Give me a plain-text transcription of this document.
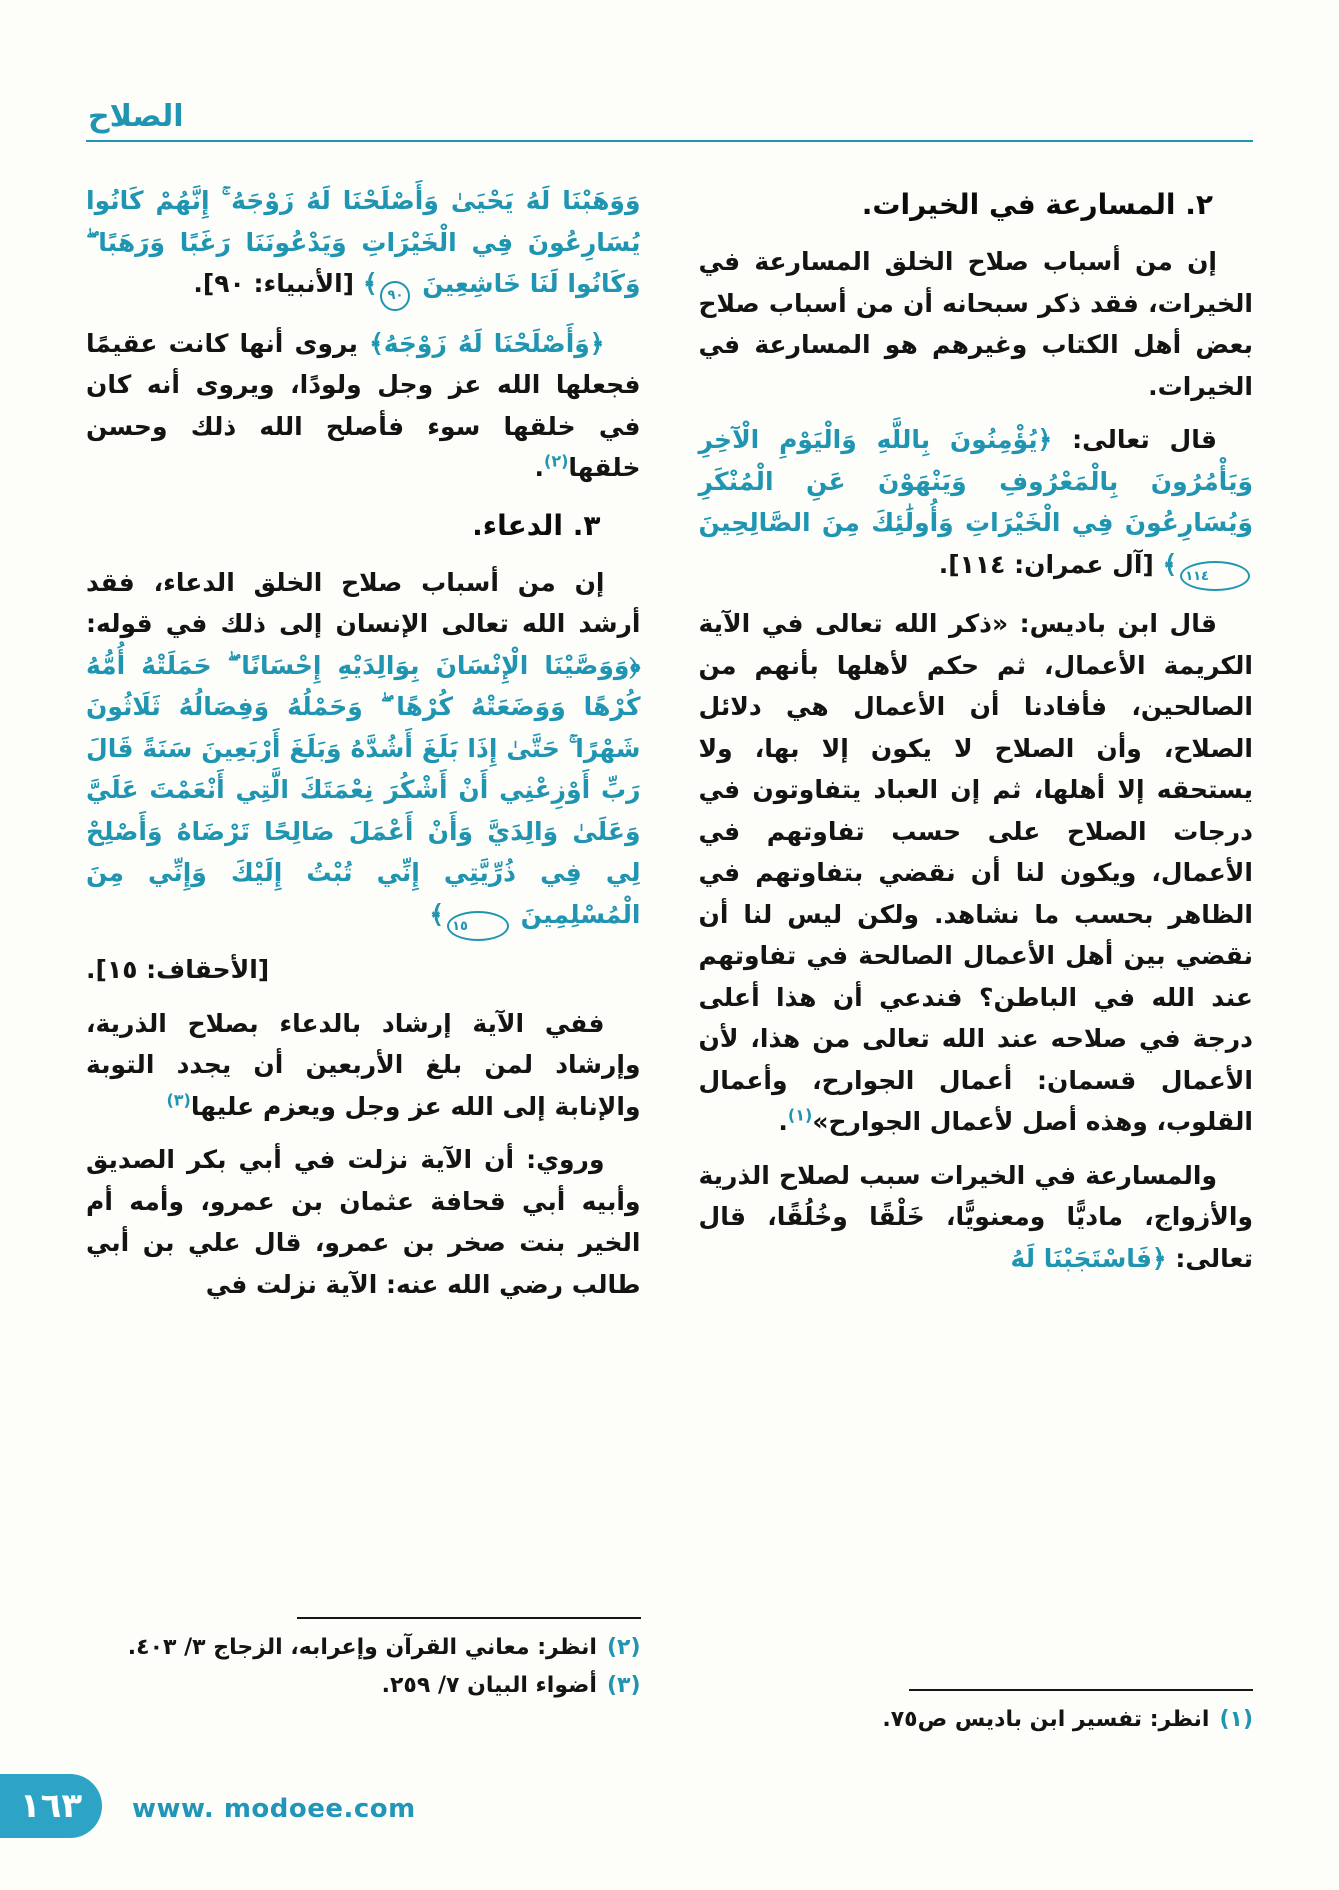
الصلاح
٢. المسارعة في الخيرات.

إن من أسباب صلاح الخلق المسارعة في الخيرات، فقد ذكر سبحانه أن من أسباب صلاح بعض أهل الكتاب وغيرهم هو المسارعة في الخيرات.

قال تعالى: ﴿يُؤْمِنُونَ بِاللَّهِ وَالْيَوْمِ الْآخِرِ وَيَأْمُرُونَ بِالْمَعْرُوفِ وَيَنْهَوْنَ عَنِ الْمُنْكَرِ وَيُسَارِعُونَ فِي الْخَيْرَاتِ وَأُولَٰئِكَ مِنَ الصَّالِحِينَ ١١٤﴾ [آل عمران: ١١٤].

قال ابن باديس: «ذكر الله تعالى في الآية الكريمة الأعمال، ثم حكم لأهلها بأنهم من الصالحين، فأفادنا أن الأعمال هي دلائل الصلاح، وأن الصلاح لا يكون إلا بها، ولا يستحقه إلا أهلها، ثم إن العباد يتفاوتون في درجات الصلاح على حسب تفاوتهم في الأعمال، ويكون لنا أن نقضي بتفاوتهم في الظاهر بحسب ما نشاهد. ولكن ليس لنا أن نقضي بين أهل الأعمال الصالحة في تفاوتهم عند الله في الباطن؟ فندعي أن هذا أعلى درجة في صلاحه عند الله تعالى من هذا، لأن الأعمال قسمان: أعمال الجوارح، وأعمال القلوب، وهذه أصل لأعمال الجوارح»$^{(١)}$.

والمسارعة في الخيرات سبب لصلاح الذرية والأزواج، ماديًّا ومعنويًّا، خَلْقًا وخُلُقًا، قال تعالى: ﴿فَاسْتَجَبْنَا لَهُ

(١)
انظر: تفسير ابن باديس ص٧٥.

وَوَهَبْنَا لَهُ يَحْيَىٰ وَأَصْلَحْنَا لَهُ زَوْجَهُ ۚ إِنَّهُمْ كَانُوا يُسَارِعُونَ فِي الْخَيْرَاتِ وَيَدْعُونَنَا رَغَبًا وَرَهَبًا ۖ وَكَانُوا لَنَا خَاشِعِينَ ٩٠﴾ [الأنبياء: ٩٠].

﴿وَأَصْلَحْنَا لَهُ زَوْجَهُ﴾ يروى أنها كانت عقيمًا فجعلها الله عز وجل ولودًا، ويروى أنه كان في خلقها سوء فأصلح الله ذلك وحسن خلقها$^{(٢)}$.

٣. الدعاء.

إن من أسباب صلاح الخلق الدعاء، فقد أرشد الله تعالى الإنسان إلى ذلك في قوله: ﴿وَوَصَّيْنَا الْإِنْسَانَ بِوَالِدَيْهِ إِحْسَانًا ۖ حَمَلَتْهُ أُمُّهُ كُرْهًا وَوَضَعَتْهُ كُرْهًا ۖ وَحَمْلُهُ وَفِصَالُهُ ثَلَاثُونَ شَهْرًا ۚ حَتَّىٰ إِذَا بَلَغَ أَشُدَّهُ وَبَلَغَ أَرْبَعِينَ سَنَةً قَالَ رَبِّ أَوْزِعْنِي أَنْ أَشْكُرَ نِعْمَتَكَ الَّتِي أَنْعَمْتَ عَلَيَّ وَعَلَىٰ وَالِدَيَّ وَأَنْ أَعْمَلَ صَالِحًا تَرْضَاهُ وَأَصْلِحْ لِي فِي ذُرِّيَّتِي إِنِّي تُبْتُ إِلَيْكَ وَإِنِّي مِنَ الْمُسْلِمِينَ ١٥﴾

[الأحقاف: ١٥].

ففي الآية إرشاد بالدعاء بصلاح الذرية، وإرشاد لمن بلغ الأربعين أن يجدد التوبة والإنابة إلى الله عز وجل ويعزم عليها$^{(٣)}$

وروي: أن الآية نزلت في أبي بكر الصديق وأبيه أبي قحافة عثمان بن عمرو، وأمه أم الخير بنت صخر بن عمرو، قال علي بن أبي طالب رضي الله عنه: الآية نزلت في

(٢)
انظر: معاني القرآن وإعرابه، الزجاج ٣/ ٤٠٣.
(٣)
أضواء البيان ٧/ ٢٥٩.
١٦٣ www. modoee.com
